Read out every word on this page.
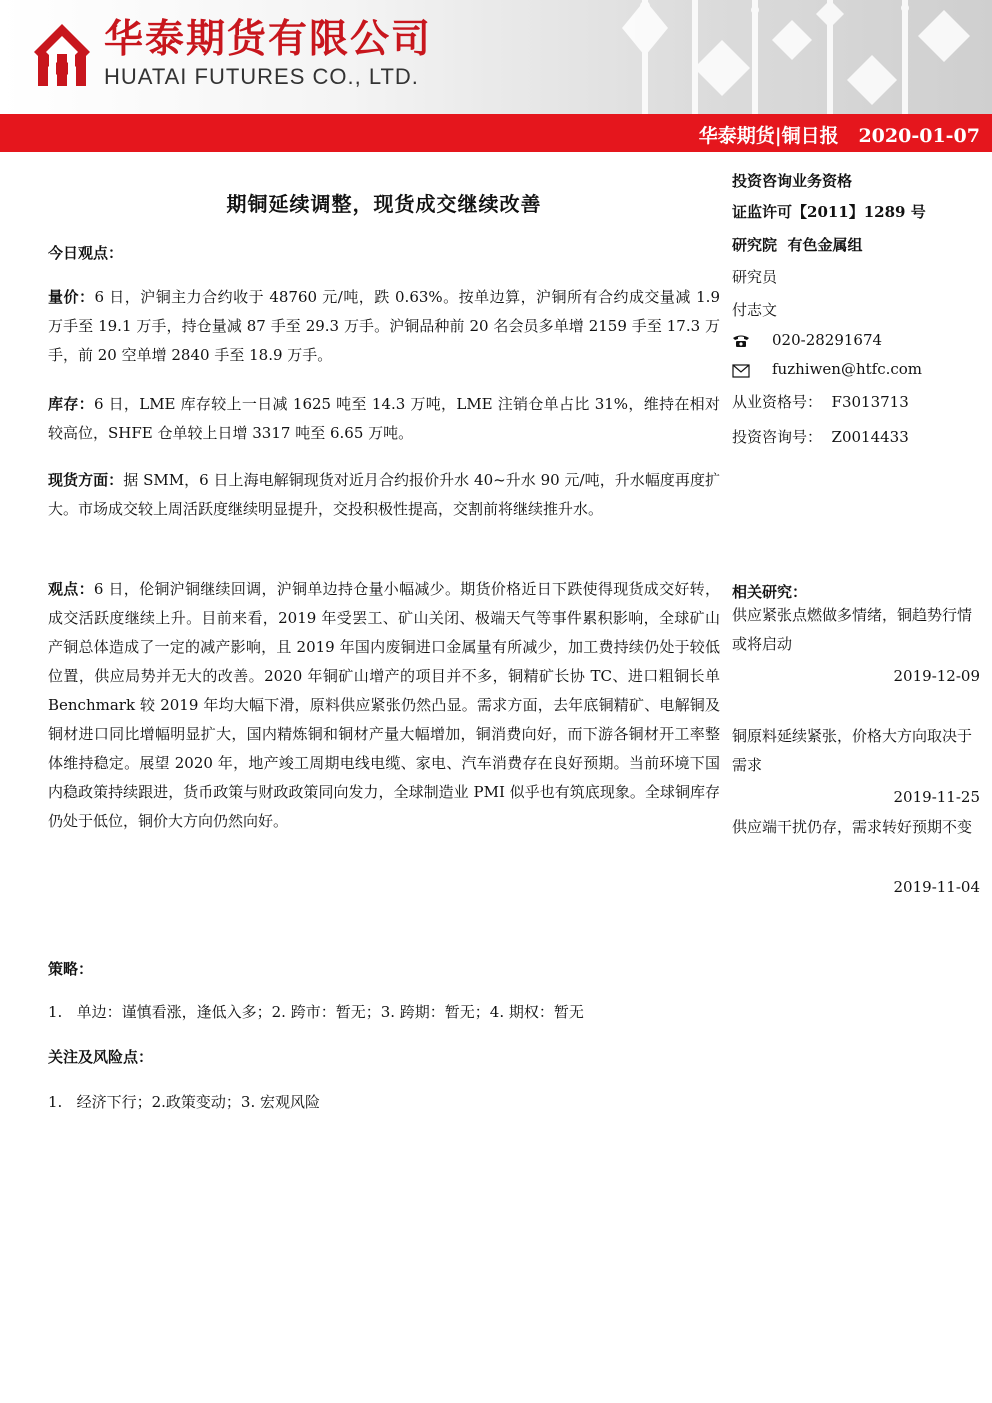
华泰期货有限公司
HUATAI FUTURES CO., LTD.
华泰期货|铜日报   2020-01-07
期铜延续调整，现货成交继续改善
今日观点：
量价：6 日，沪铜主力合约收于 48760 元/吨，跌 0.63%。按单边算，沪铜所有合约成交量减 1.9 万手至 19.1 万手，持仓量减 87 手至 29.3 万手。沪铜品种前 20 名会员多单增 2159 手至 17.3 万手，前 20 空单增 2840 手至 18.9 万手。
库存：6 日，LME 库存较上一日减 1625 吨至 14.3 万吨，LME 注销仓单占比 31%，维持在相对较高位，SHFE 仓单较上日增 3317 吨至 6.65 万吨。
现货方面：据 SMM，6 日上海电解铜现货对近月合约报价升水 40~升水 90 元/吨，升水幅度再度扩大。市场成交较上周活跃度继续明显提升，交投积极性提高，交割前将继续推升水。
观点：6 日，伦铜沪铜继续回调，沪铜单边持仓量小幅减少。期货价格近日下跌使得现货成交好转，成交活跃度继续上升。目前来看，2019 年受罢工、矿山关闭、极端天气等事件累积影响，全球矿山产铜总体造成了一定的减产影响，且 2019 年国内废铜进口金属量有所减少，加工费持续仍处于较低位置，供应局势并无大的改善。2020 年铜矿山增产的项目并不多，铜精矿长协 TC、进口粗铜长单 Benchmark 较 2019 年均大幅下滑，原料供应紧张仍然凸显。需求方面，去年底铜精矿、电解铜及铜材进口同比增幅明显扩大，国内精炼铜和铜材产量大幅增加，铜消费向好，而下游各铜材开工率整体维持稳定。展望 2020 年，地产竣工周期电线电缆、家电、汽车消费存在良好预期。当前环境下国内稳政策持续跟进，货币政策与财政政策同向发力，全球制造业 PMI 似乎也有筑底现象。全球铜库存仍处于低位，铜价大方向仍然向好。
策略：
1.   单边：谨慎看涨，逢低入多；2. 跨市：暂无；3. 跨期：暂无；4. 期权：暂无
关注及风险点：
1.   经济下行；2.政策变动；3. 宏观风险
投资咨询业务资格
证监许可【2011】1289 号
研究院  有色金属组
研究员
付志文
020-28291674
fuzhiwen@htfc.com
从业资格号：  F3013713
投资咨询号：  Z0014433
相关研究：
供应紧张点燃做多情绪，铜趋势行情或将启动
2019-12-09
铜原料延续紧张，价格大方向取决于需求
2019-11-25
供应端干扰仍存，需求转好预期不变
2019-11-04
